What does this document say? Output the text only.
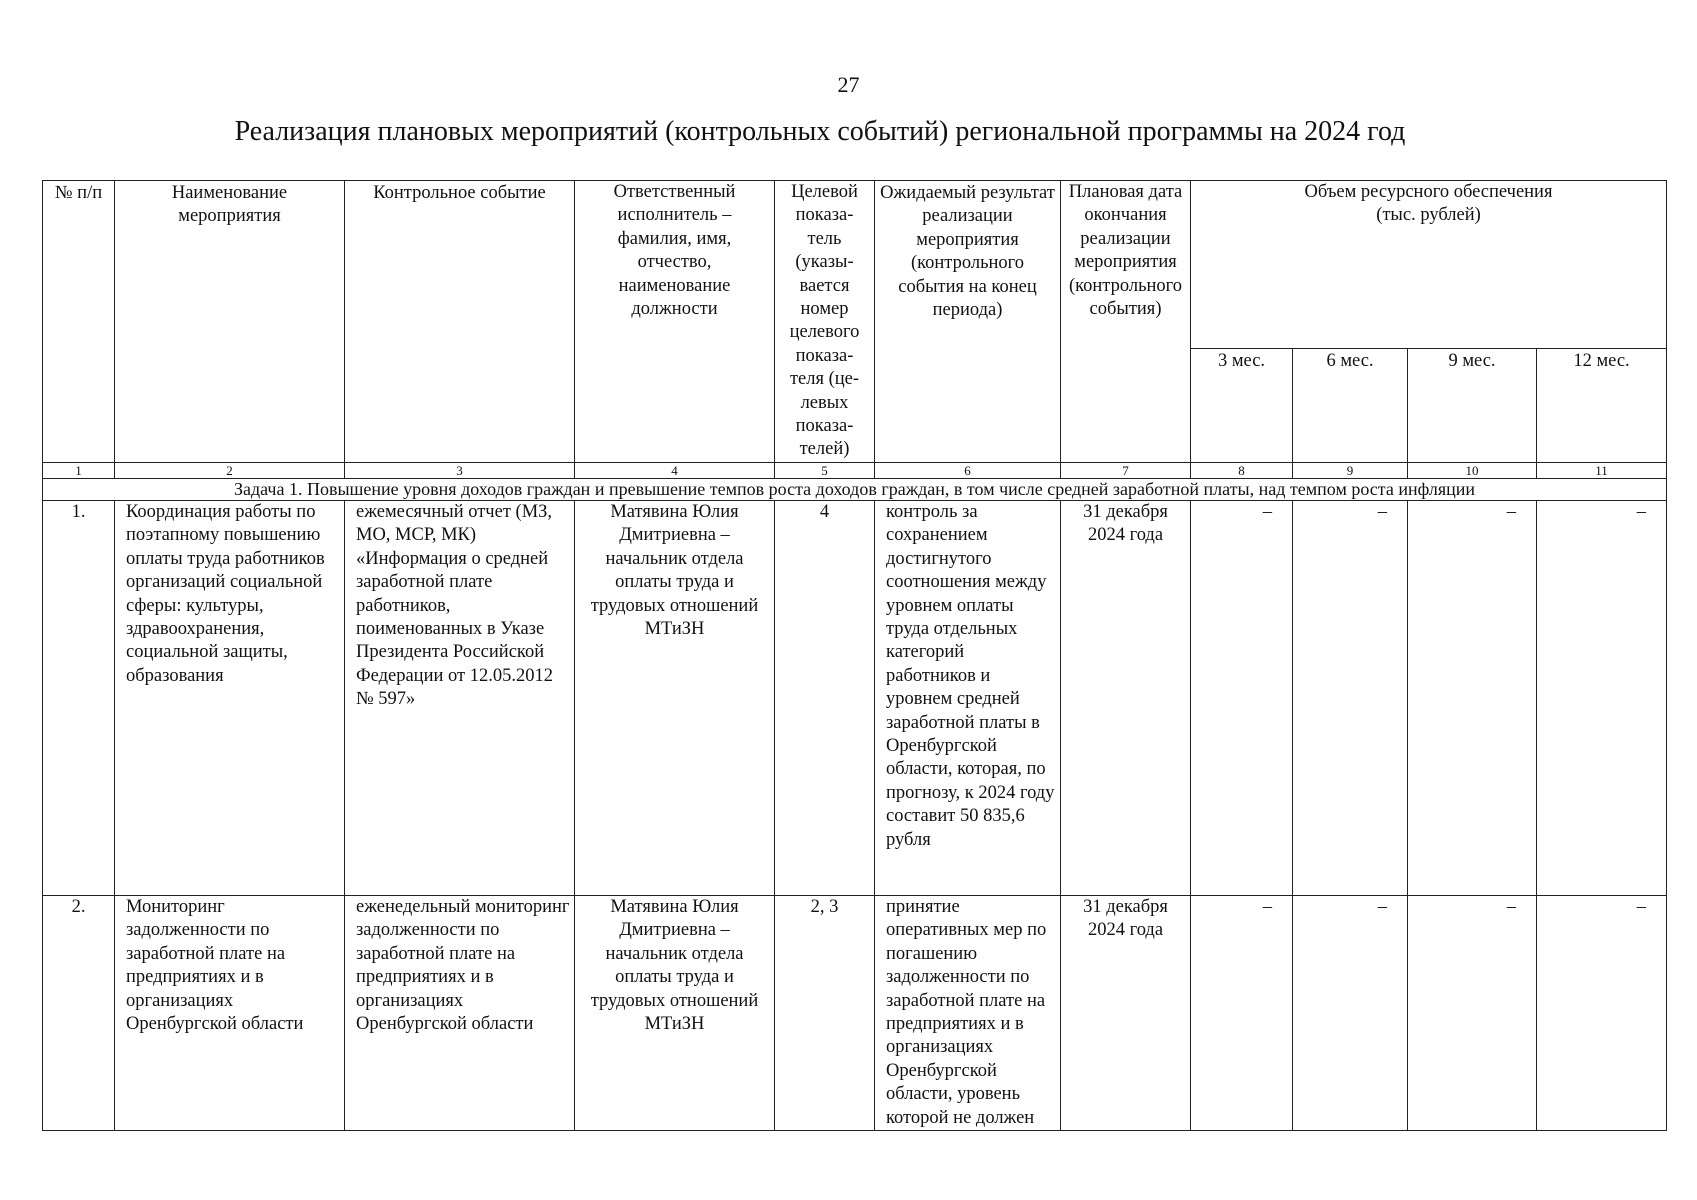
27
Реализация плановых мероприятий (контрольных событий) региональной программы на 2024 год
№ п/п	Наименование мероприятия	Контрольное событие	Ответственный исполнитель – фамилия, имя, отчество, наименование должности	Целевой показа- тель (указы- вается номер целевого показа- теля (це- левых показа- телей)	Ожидаемый результат реализации мероприятия (контрольного события на конец периода)	Плановая дата окончания реализации мероприятия (контрольного события)	Объем ресурсного обеспечения (тыс. рублей)			
							3 мес.	6 мес.	9 мес.	12 мес.
1	2	3	4	5	6	7	8	9	10	11
Задача 1. Повышение уровня доходов граждан и превышение темпов роста доходов граждан, в том числе средней заработной платы, над темпом роста инфляции										
1.	Координация работы по поэтапному повышению оплаты труда работников организаций социальной сферы: культуры, здравоохранения, социальной защиты, образования	ежемесячный отчет (МЗ, МО, МСР, МК) «Информация о средней заработной плате работников, поименованных в Указе Президента Российской Федерации от 12.05.2012 № 597»	Матявина Юлия Дмитриевна – начальник отдела оплаты труда и трудовых отношений МТиЗН	4	контроль за сохранением достигнутого соотношения между уровнем оплаты труда отдельных категорий работников и уровнем средней заработной платы в Оренбургской области, которая, по прогнозу, к 2024 году составит 50 835,6 рубля	31 декабря 2024 года	–	–	–	–
2.	Мониторинг задолженности по заработной плате на предприятиях и в организациях Оренбургской области	еженедельный мониторинг задолженности по заработной плате на предприятиях и в организациях Оренбургской области	Матявина Юлия Дмитриевна – начальник отдела оплаты труда и трудовых отношений МТиЗН	2, 3	принятие оперативных мер по погашению задолженности по заработной плате на предприятиях и в организациях Оренбургской области, уровень которой не должен	31 декабря 2024 года	–	–	–	–
